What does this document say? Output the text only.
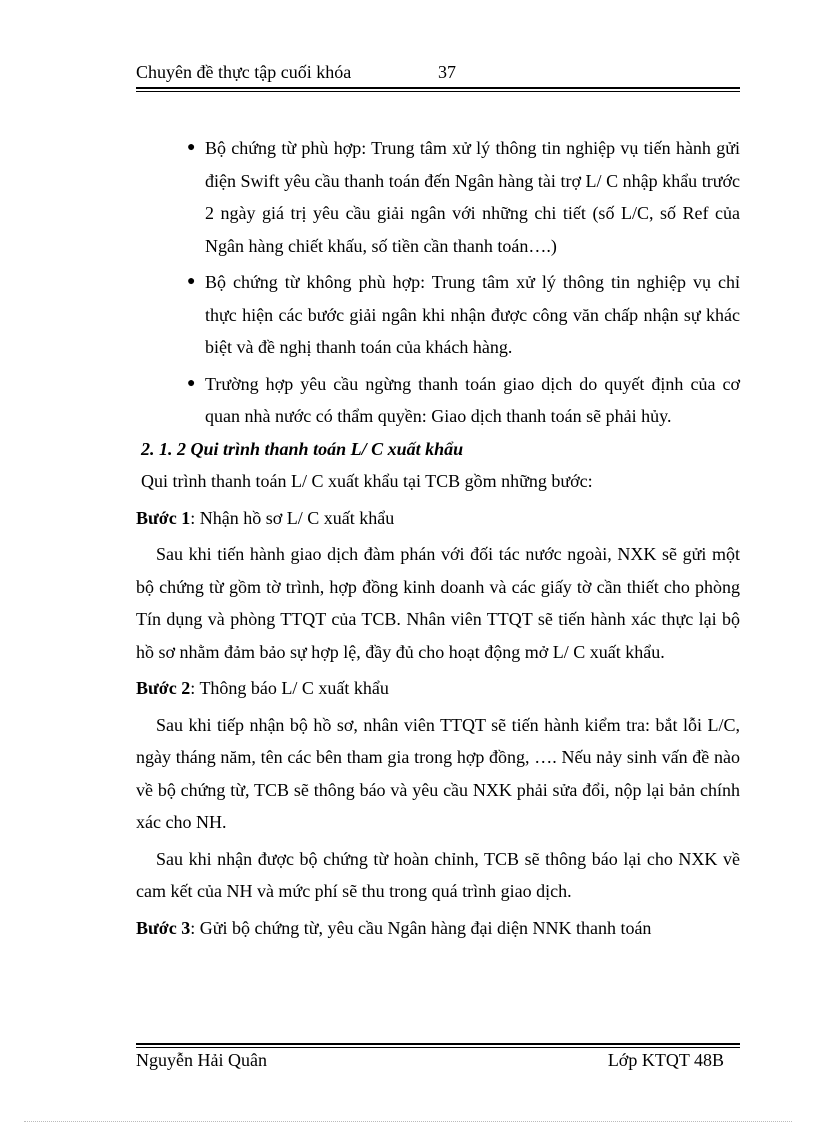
Chuyên đề thực tập cuối khóa	37
● Bộ chứng từ phù hợp: Trung tâm xử lý thông tin nghiệp vụ tiến hành gửi điện Swift yêu cầu thanh toán đến Ngân hàng tài trợ L/ C nhập khẩu trước 2 ngày giá trị yêu cầu giải ngân với những chi tiết (số L/C, số Ref của Ngân hàng chiết khấu, số tiền cần thanh toán….)
● Bộ chứng từ không phù hợp: Trung tâm xử lý thông tin nghiệp vụ chỉ thực hiện các bước giải ngân khi nhận được công văn chấp nhận sự khác biệt và đề nghị thanh toán của khách hàng.
● Trường hợp yêu cầu ngừng thanh toán giao dịch do quyết định của cơ quan nhà nước có thẩm quyền: Giao dịch thanh toán sẽ phải hủy.

2. 1. 2 Qui trình thanh toán L/ C xuất khẩu

Qui trình thanh toán L/ C xuất khẩu tại TCB gồm những bước:

Bước 1: Nhận hồ sơ L/ C xuất khẩu

Sau khi tiến hành giao dịch đàm phán với đối tác nước ngoài, NXK sẽ gửi một bộ chứng từ gồm tờ trình, hợp đồng kinh doanh và các giấy tờ cần thiết cho phòng Tín dụng và phòng TTQT của TCB. Nhân viên TTQT sẽ tiến hành xác thực lại bộ hồ sơ nhằm đảm bảo sự hợp lệ, đầy đủ cho hoạt động mở L/ C xuất khẩu.

Bước 2: Thông báo L/ C xuất khẩu

Sau khi tiếp nhận bộ hồ sơ, nhân viên TTQT sẽ tiến hành kiểm tra: bắt lỗi L/C, ngày tháng năm, tên các bên tham gia trong hợp đồng, …. Nếu nảy sinh vấn đề nào về bộ chứng từ, TCB sẽ thông báo và yêu cầu NXK phải sửa đổi, nộp lại bản chính xác cho NH.

Sau khi nhận được bộ chứng từ hoàn chỉnh, TCB sẽ thông báo lại cho NXK về cam kết của NH và mức phí sẽ thu trong quá trình giao dịch.

Bước 3: Gửi bộ chứng từ, yêu cầu Ngân hàng đại diện NNK thanh toán

Nguyễn Hải Quân	Lớp KTQT 48B
